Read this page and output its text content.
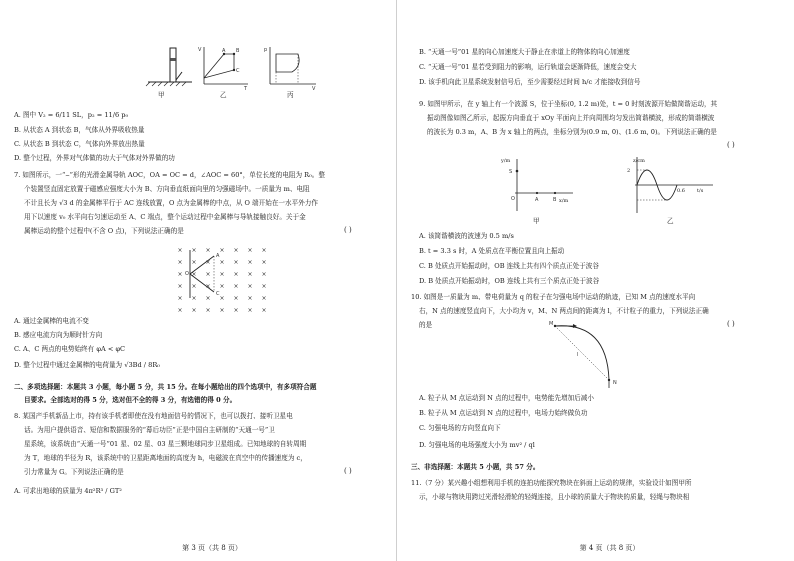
甲
V
T
A B
C
乙
p
V
丙
A. 图中 V₂ = 6/11 SL，p₂ = 11/6 p₀
B. 从状态 A 到状态 B，气体从外界吸收热量
C. 从状态 B 到状态 C，气体向外界放出热量
D. 整个过程，外界对气体做的功大于气体对外界做的功
7. 如图所示，一“⌢”形的光滑金属导轨 AOC，OA = OC = d，∠AOC = 60°，单位长度的电阻为 R₀。整
个装置竖直固定放置于磁感应强度大小为 B、方向垂直纸面向里的匀强磁场中。一质量为 m、电阻
不计且长为 √3 d 的金属棒平行于 AC 连线放置，O 点为金属棒的中点，从 O 端开始在一水平外力作
用下以速度 v₀ 水平向右匀速运动至 A、C 端点，整个运动过程中金属棒与导轨接触良好。关于金
属棒运动的整个过程中(不含 O 点)，下列说法正确的是	( )
× × × × × × ×
× × × × × × ×
× × × × × × ×
× × × × × × ×
× × × × × × ×
× × × × × × ×
O
A
C
A. 通过金属棒的电流不变
B. 感应电流方向为顺时针方向
C. A、C 两点的电势始终有 φA < φC
D. 整个过程中通过金属棒的电荷量为 √3Bd / 8R₀
二、多项选择题：本题共 3 小题，每小题 5 分，共 15 分。在每小题给出的四个选项中，有多项符合题
目要求。全部选对的得 5 分，选对但不全的得 3 分，有选错的得 0 分。
8. 某国产手机新品上市，持有该手机者即使在没有地面信号的情况下，也可以拨打、接听卫星电
话。为用户提供语音、短信和数据服务的“幕后功臣”正是中国自主研制的“天通一号”卫
星系统，该系统由“天通一号”01 星、02 星、03 星三颗地球同步卫星组成。已知地球的自转周期
为 T，地球的半径为 R，该系统中的卫星距离地面的高度为 h，电磁波在真空中的传播速度为 c，
引力常量为 G。下列说法正确的是	( )
A. 可求出地球的质量为 4π²R³ / GT²
第 3 页（共 8 页）
B. “天通一号”01 星的向心加速度大于静止在赤道上的物体的向心加速度
C. “天通一号”01 星若受到阻力的影响，运行轨道会逐渐降低，速度会变大
D. 该手机向此卫星系统发射信号后，至少需要经过时间 h/c 才能接收到信号
9. 如图甲所示，在 y 轴上有一个波源 S，位于坐标(0, 1.2 m)处，t = 0 时刻波源开始做简谐运动，其
振动图像如图乙所示，起振方向垂直于 xOy 平面向上并向周围均匀发出简谐横波，形成的简谐横波
的波长为 0.3 m，A、B 为 x 轴上的两点，坐标分别为(0.9 m, 0)、(1.6 m, 0)。下列说法正确的是
( )
S
A	B
O
y/m
x/m
甲
z/cm
2
0.6 t/s
乙
A. 该简谐横波的波速为 0.5 m/s
B. t = 3.3 s 时，A 处质点在平衡位置且向上振动
C. B 处质点开始振动时，OB 连线上共有四个质点正处于波谷
D. B 处质点开始振动时，OB 连线上共有三个质点正处于波谷
10. 如图是一质量为 m、带电荷量为 q 的粒子在匀强电场中运动的轨迹，已知 M 点的速度水平向
右，N 点的速度竖直向下，大小均为 v，M、N 两点间的距离为 l，不计粒子的重力，下列说法正确
的是	( )
M
N
l
A. 粒子从 M 点运动到 N 点的过程中，电势能先增加后减小
B. 粒子从 M 点运动到 N 点的过程中，电场力始终做负功
C. 匀强电场的方向竖直向下
D. 匀强电场的电场强度大小为 mv² / ql
三、非选择题：本题共 5 小题，共 57 分。
11.（7 分）某兴趣小组想利用手机的连拍功能探究物块在斜面上运动的规律，实验设计如图甲所
示，小球与物块用跨过光滑轻滑轮的轻绳连接，且小球的质量大于物块的质量，轻绳与物块相
第 4 页（共 8 页）
